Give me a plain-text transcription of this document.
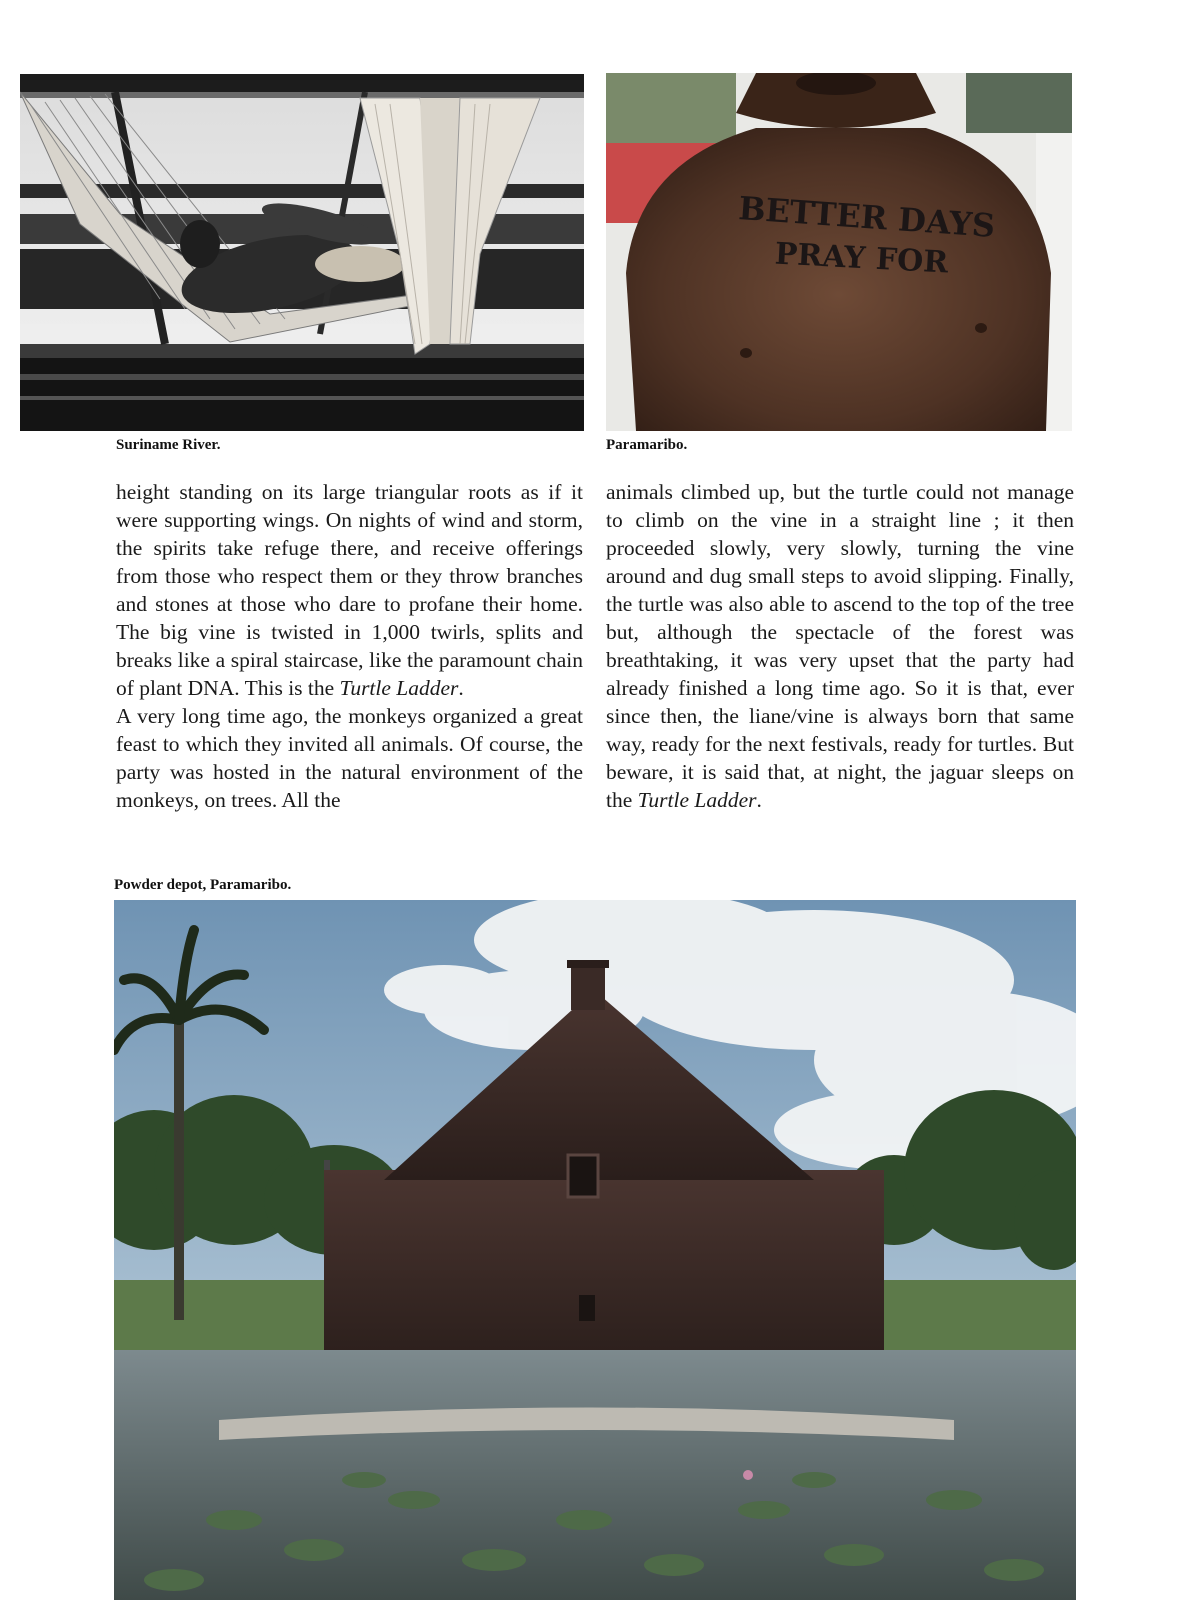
Suriname River.
BETTER DAYS
PRAY FOR
Paramaribo.

height standing on its large triangular roots as if it were supporting wings. On nights of wind and storm, the spirits take refuge there, and receive offerings from those who respect them or they throw branches and stones at those who dare to profane their home. The big vine is twisted in 1,000 twirls, splits and breaks like a spiral staircase, like the paramount chain of plant DNA. This is the Turtle Ladder.

A very long time ago, the monkeys organized a great feast to which they invited all animals. Of course, the party was hosted in the natural environment of the monkeys, on trees. All the

animals climbed up, but the turtle could not manage to climb on the vine in a straight line ; it then proceeded slowly, very slowly, turning the vine around and dug small steps to avoid slipping. Finally, the turtle was also able to ascend to the top of the tree but, although the spectacle of the forest was breathtaking, it was very upset that the party had already finished a long time ago. So it is that, ever since then, the liane/vine is always born that same way, ready for the next festivals, ready for turtles. But beware, it is said that, at night, the jaguar sleeps on the Turtle Ladder.

Powder depot, Paramaribo.
